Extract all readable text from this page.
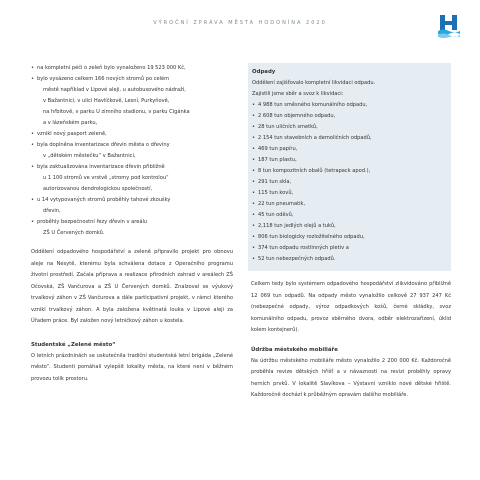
VÝROČNÍ ZPRÁVA MĚSTA HODONÍNA 2020
• na kompletní péči o zeleň bylo vynaloženo 19 523 000 Kč,
• bylo vysázeno celkem 166 nových stromů po celém
městě například v Lipové aleji, u autobusového nádraží,
v Bažantnici, v ulici Havlíčkově, Lesní, Purkyňově,
na hřbitově, v parku U zimního stadionu, v parku Cigánka
a v lázeňském parku,
• vznikl nový pasport zeleně,
• byla doplněna inventarizace dřevin města o dřeviny
v „dětském městečku“ v Bažantnici,
• byla zaktualizována inventarizace dřevin přibližně
u 1 100 stromů ve vrstvě „stromy pod kontrolou“
autorizovanou dendrologickou společností,
• u 14 vytypovaných stromů proběhly tahové zkoušky
dřevin,
• proběhly bezpečnostní řezy dřevin v areálu
ZŠ U Červených domků.

Oddělení odpadového hospodářství a zeleně připravilo projekt pro obnovu aleje na Nesytě, kterému byla schválena dotace z Operačního programu životní prostředí. Začala příprava a realizace přírodních zahrad v areálech ZŠ Očovská, ZŠ Vančurova a ZŠ U Červených domků. Znalzoval se výukový trvalkový záhon v ZŠ Vančurova a dále participativní projekt, v rámci kterého vznikl trvalkový záhon. A byla založena květinatá louka v Lipové aleji za Úřadem práce. Byl založen nový letničkový záhon u kostela.

Studentské „Zelené město“

O letních prázdninách se uskutečnila tradiční studentská letní brigáda „Zelené město“. Studenti pomáhali vylepšit lokality města, na které není v běžném provozu tolik prostoru.

Odpady
Oddělení zajišťovalo kompletní likvidaci odpadu.
Zajistili jsme sběr a svoz k likvidaci:
• 4 988 tun směsného komunálního odpadu,
• 2 608 tun objemného odpadu,
• 28 tun uličních smetků,
• 2 154 tun stavebních a demoličních odpadů,
• 469 tun papíru,
• 187 tun plastu,
• 8 tun kompozitních obalů (tetrapack apod.),
• 291 tun skla,
• 115 tun kovů,
• 22 tun pneumatik,
• 45 tun oděvů,
• 2,118 tun jedlých olejů a tuků,
• 806 tun biologicky rozložitelného odpadu,
• 374 tun odpadu rostlinných pletiv a
• 52 tun nebezpečných odpadů.

Celkem tedy bylo systémem odpadového hospodářství zlikvidováno přibližně 12 069 tun odpadů. Na odpady město vynaložilo celkově 27 937 247 Kč (nebezpečné odpady, výroz odpadkových košů, černé skládky, svoz komunálního odpadu, provoz sběrného dvora, odběr elektrozařízení, úklid kolem kontejnerů).

Údržba městského mobiliáře

Na údržbu městského mobiliáře město vynaložilo 2 200 000 Kč. Každoročně proběhla revize dětských hřišť a v návaznosti na revizi proběhly opravy herních prvků. V lokalitě Slavíkova – Výstavní vzniklo nové dětské hřiště. Každoročně dochází k průběžným opravám dalšího mobiliáře.
